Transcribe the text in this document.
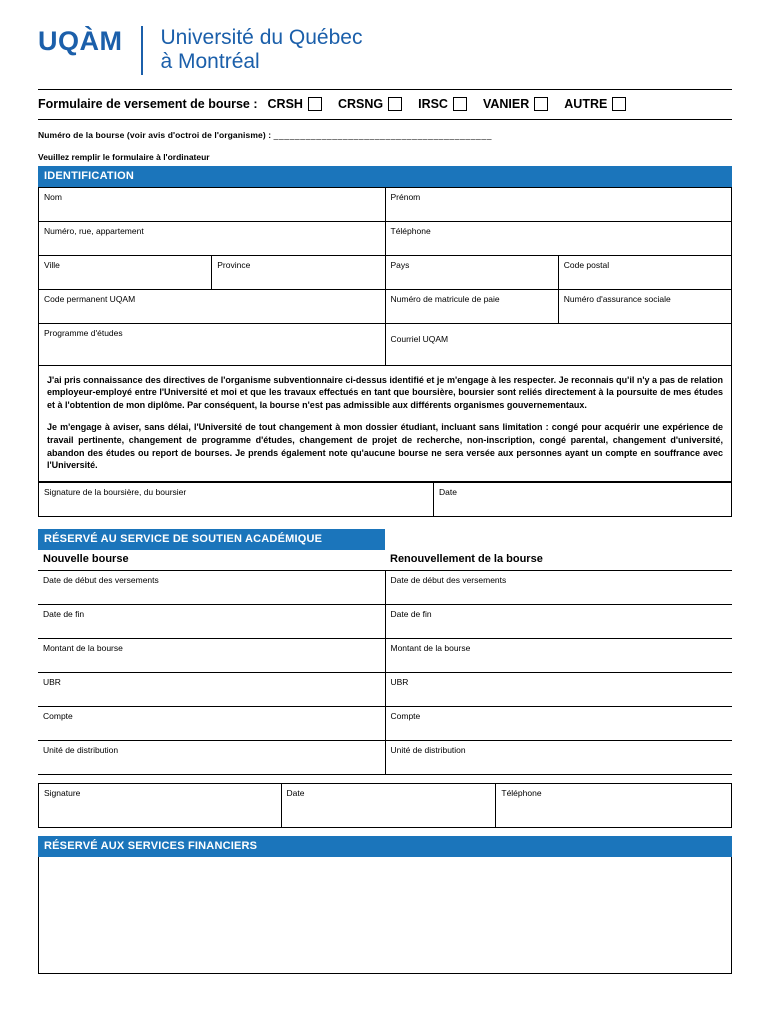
UQÀM Université du Québec
à Montréal
Formulaire de versement de bourse : CRSH	CRSNG	IRSC	VANIER	AUTRE
Numéro de la bourse (voir avis d'octroi de l'organisme) : _________________________________________
Veuillez remplir le formulaire à l'ordinateur
IDENTIFICATION
Nom		Prénom	
Numéro, rue, appartement		Téléphone	
Ville	Province	Pays	Code postal
Code permanent UQAM		Numéro de matricule de paie	Numéro d'assurance sociale
Programme d'études		Courriel UQAM	

J'ai pris connaissance des directives de l'organisme subventionnaire ci-dessus identifié et je m'engage à les respecter. Je reconnais qu'il n'y a pas de relation employeur-employé entre l'Université et moi et que les travaux effectués en tant que boursière, boursier sont reliés directement à la poursuite de mes études et à l'obtention de mon diplôme. Par conséquent, la bourse n'est pas admissible aux différents organismes gouvernementaux.

Je m'engage à aviser, sans délai, l'Université de tout changement à mon dossier étudiant, incluant sans limitation : congé pour acquérir une expérience de travail pertinente, changement de programme d'études, changement de projet de recherche, non-inscription, congé parental, changement d'université, abandon des études ou report de bourses. Je prends également note qu'aucune bourse ne sera versée aux personnes ayant un compte en souffrance avec l'Université.

Signature de la boursière, du boursier	Date
RÉSERVÉ AU SERVICE DE SOUTIEN ACADÉMIQUE
Nouvelle bourse	Renouvellement de la bourse
Date de début des versements	Date de début des versements
Date de fin	Date de fin
Montant de la bourse	Montant de la bourse
UBR	UBR
Compte	Compte
Unité de distribution	Unité de distribution
Signature	Date	Téléphone
RÉSERVÉ AUX SERVICES FINANCIERS
